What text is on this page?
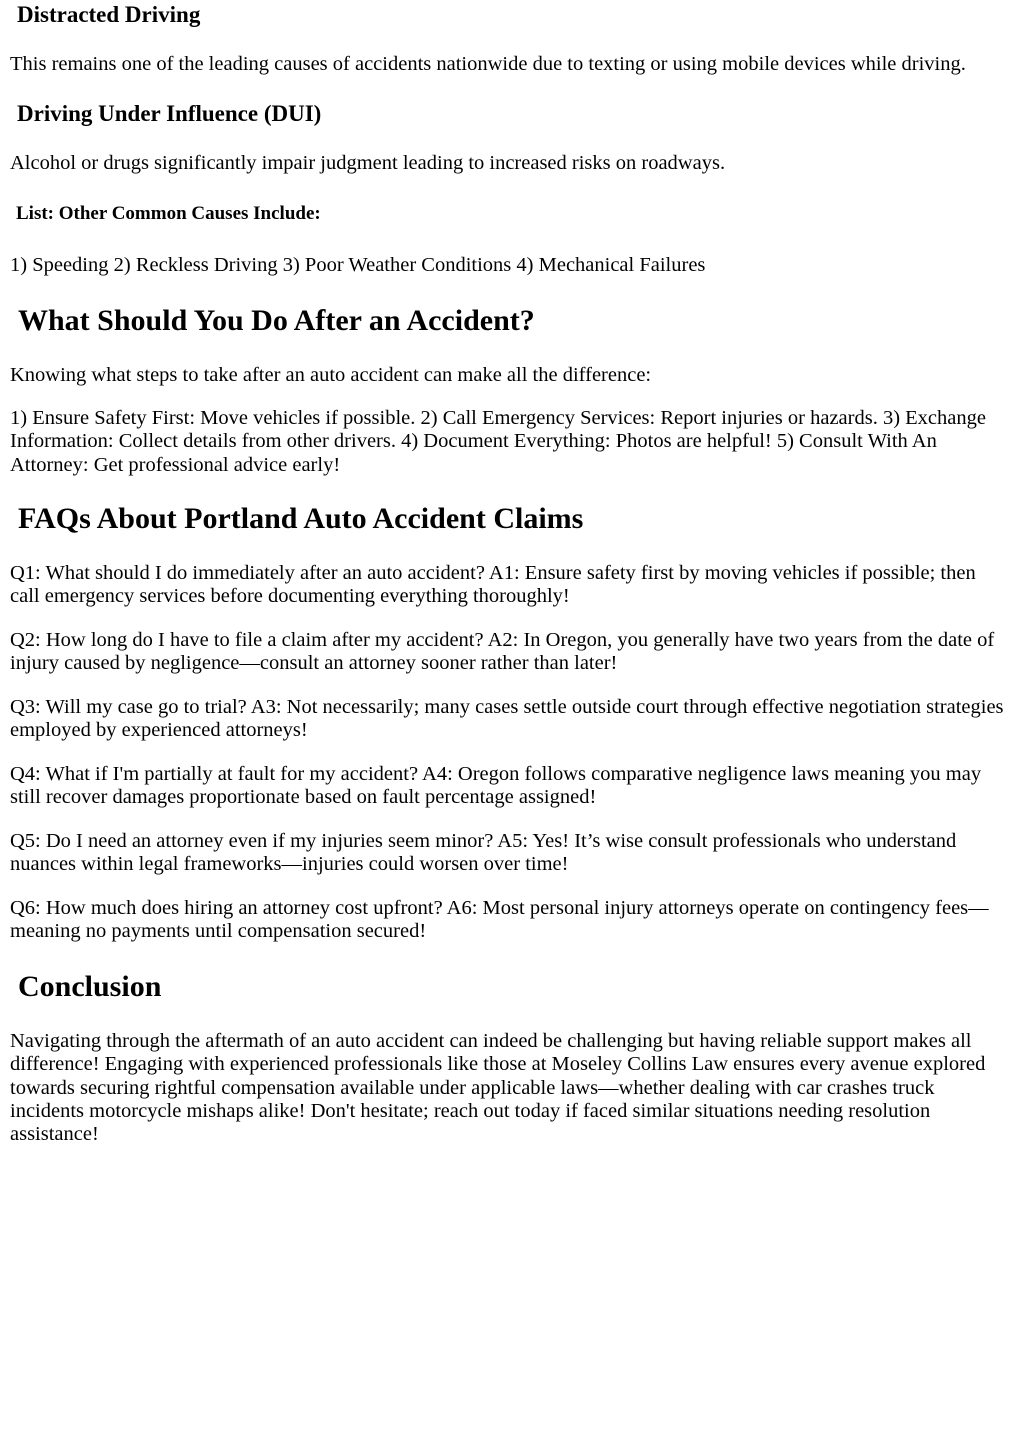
Distracted Driving

This remains one of the leading causes of accidents nationwide due to texting or using mobile devices while driving.

Driving Under Influence (DUI)

Alcohol or drugs significantly impair judgment leading to increased risks on roadways.

List: Other Common Causes Include:

1) Speeding 2) Reckless Driving 3) Poor Weather Conditions 4) Mechanical Failures

What Should You Do After an Accident?

Knowing what steps to take after an auto accident can make all the difference:

1) Ensure Safety First: Move vehicles if possible. 2) Call Emergency Services: Report injuries or hazards. 3) Exchange Information: Collect details from other drivers. 4) Document Everything: Photos are helpful! 5) Consult With An Attorney: Get professional advice early!

FAQs About Portland Auto Accident Claims

Q1: What should I do immediately after an auto accident? A1: Ensure safety first by moving vehicles if possible; then call emergency services before documenting everything thoroughly!

Q2: How long do I have to file a claim after my accident? A2: In Oregon, you generally have two years from the date of injury caused by negligence—consult an attorney sooner rather than later!

Q3: Will my case go to trial? A3: Not necessarily; many cases settle outside court through effective negotiation strategies employed by experienced attorneys!

Q4: What if I'm partially at fault for my accident? A4: Oregon follows comparative negligence laws meaning you may still recover damages proportionate based on fault percentage assigned!

Q5: Do I need an attorney even if my injuries seem minor? A5: Yes! It’s wise consult professionals who understand nuances within legal frameworks—injuries could worsen over time!

Q6: How much does hiring an attorney cost upfront? A6: Most personal injury attorneys operate on contingency fees—meaning no payments until compensation secured!

Conclusion

Navigating through the aftermath of an auto accident can indeed be challenging but having reliable support makes all difference! Engaging with experienced professionals like those at Moseley Collins Law ensures every avenue explored towards securing rightful compensation available under applicable laws—whether dealing with car crashes truck incidents motorcycle mishaps alike! Don't hesitate; reach out today if faced similar situations needing resolution assistance!
